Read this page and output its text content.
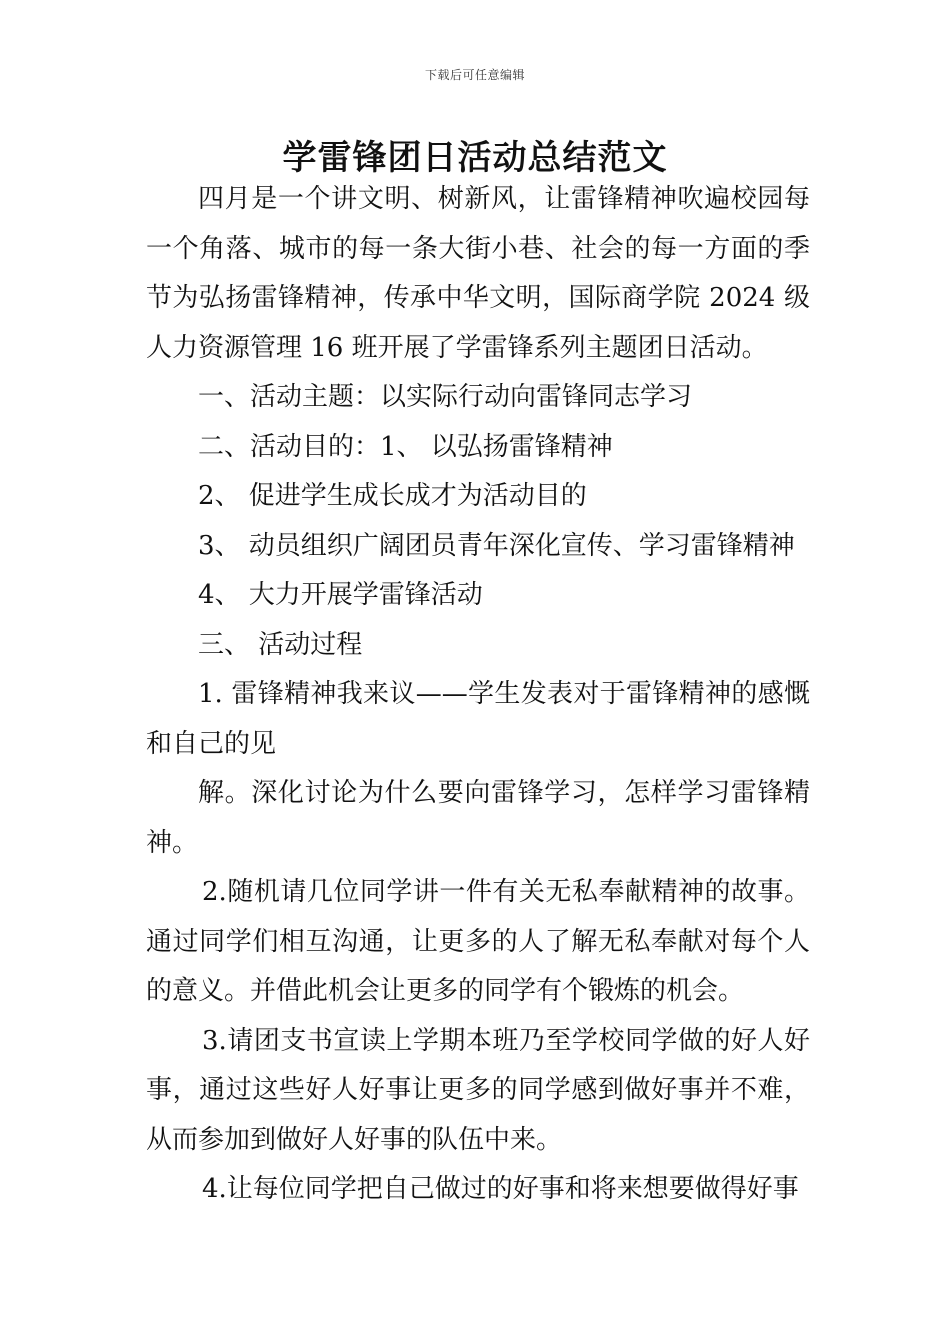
下载后可任意编辑
学雷锋团日活动总结范文

四月是一个讲文明、树新风，让雷锋精神吹遍校园每一个角落、城市的每一条大街小巷、社会的每一方面的季节为弘扬雷锋精神，传承中华文明，国际商学院 2024 级人力资源管理 16 班开展了学雷锋系列主题团日活动。

一、活动主题：以实际行动向雷锋同志学习

二、活动目的：1、 以弘扬雷锋精神

2、 促进学生成长成才为活动目的

3、 动员组织广阔团员青年深化宣传、学习雷锋精神

4、 大力开展学雷锋活动

三、 活动过程

1. 雷锋精神我来议——学生发表对于雷锋精神的感慨和自己的见

解。深化讨论为什么要向雷锋学习，怎样学习雷锋精神。

2.随机请几位同学讲一件有关无私奉献精神的故事。通过同学们相互沟通，让更多的人了解无私奉献对每个人的意义。并借此机会让更多的同学有个锻炼的机会。

3.请团支书宣读上学期本班乃至学校同学做的好人好事，通过这些好人好事让更多的同学感到做好事并不难，从而参加到做好人好事的队伍中来。

4.让每位同学把自己做过的好事和将来想要做得好事
